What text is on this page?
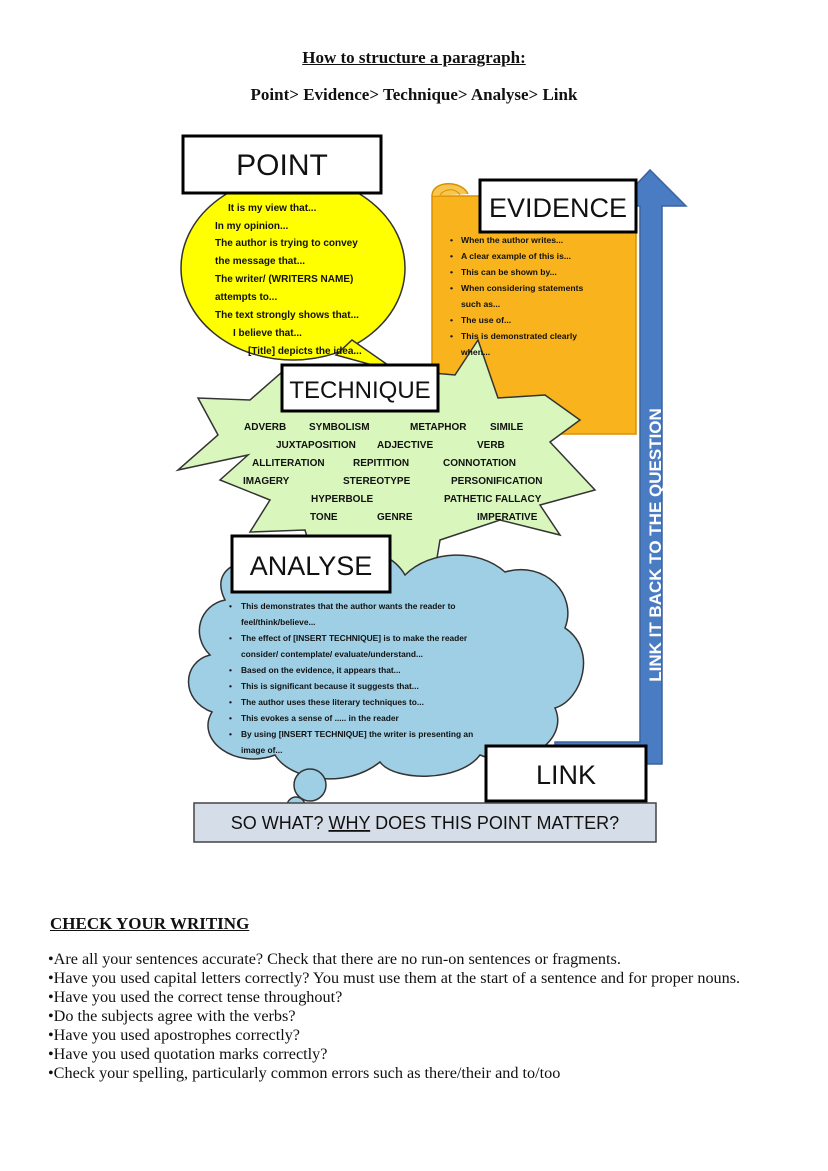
How to structure a paragraph:
Point> Evidence> Technique> Analyse> Link
LINK IT BACK TO THE QUESTION
POINT
EVIDENCE
TECHNIQUE
ANALYSE
LINK
SO WHAT? WHY DOES THIS POINT MATTER?
It is my view that...
In my opinion...
The author is trying to convey
the message that...
The writer/ (WRITERS NAME)
attempts to...
The text strongly shows that...
I believe that...
[Title] depicts the idea...
• When the author writes...
• A clear example of this is...
• This can be shown by...
• When considering statements
such as...
• The use of...
• This is demonstrated clearly
when...
ADVERB SYMBOLISM	METAPHOR SIMILE
JUXTAPOSITION ADJECTIVE	VERB
ALLITERATION	REPITITION	CONNOTATION
IMAGERY	STEREOTYPE	PERSONIFICATION
HYPERBOLE	PATHETIC FALLACY
TONE	GENRE	IMPERATIVE
• This demonstrates that the author wants the reader to
feel/think/believe...
• The effect of [INSERT TECHNIQUE] is to make the reader
consider/ contemplate/ evaluate/understand...
• Based on the evidence, it appears that...
• This is significant because it suggests that...
• The author uses these literary techniques to...
• This evokes a sense of ..... in the reader
• By using [INSERT TECHNIQUE] the writer is presenting an
image of...
CHECK YOUR WRITING
• Are all your sentences accurate? Check that there are no run-on sentences or fragments.
• Have you used capital letters correctly? You must use them at the start of a sentence and for proper nouns.
• Have you used the correct tense throughout?
• Do the subjects agree with the verbs?
• Have you used apostrophes correctly?
• Have you used quotation marks correctly?
• Check your spelling, particularly common errors such as there/their and to/too
